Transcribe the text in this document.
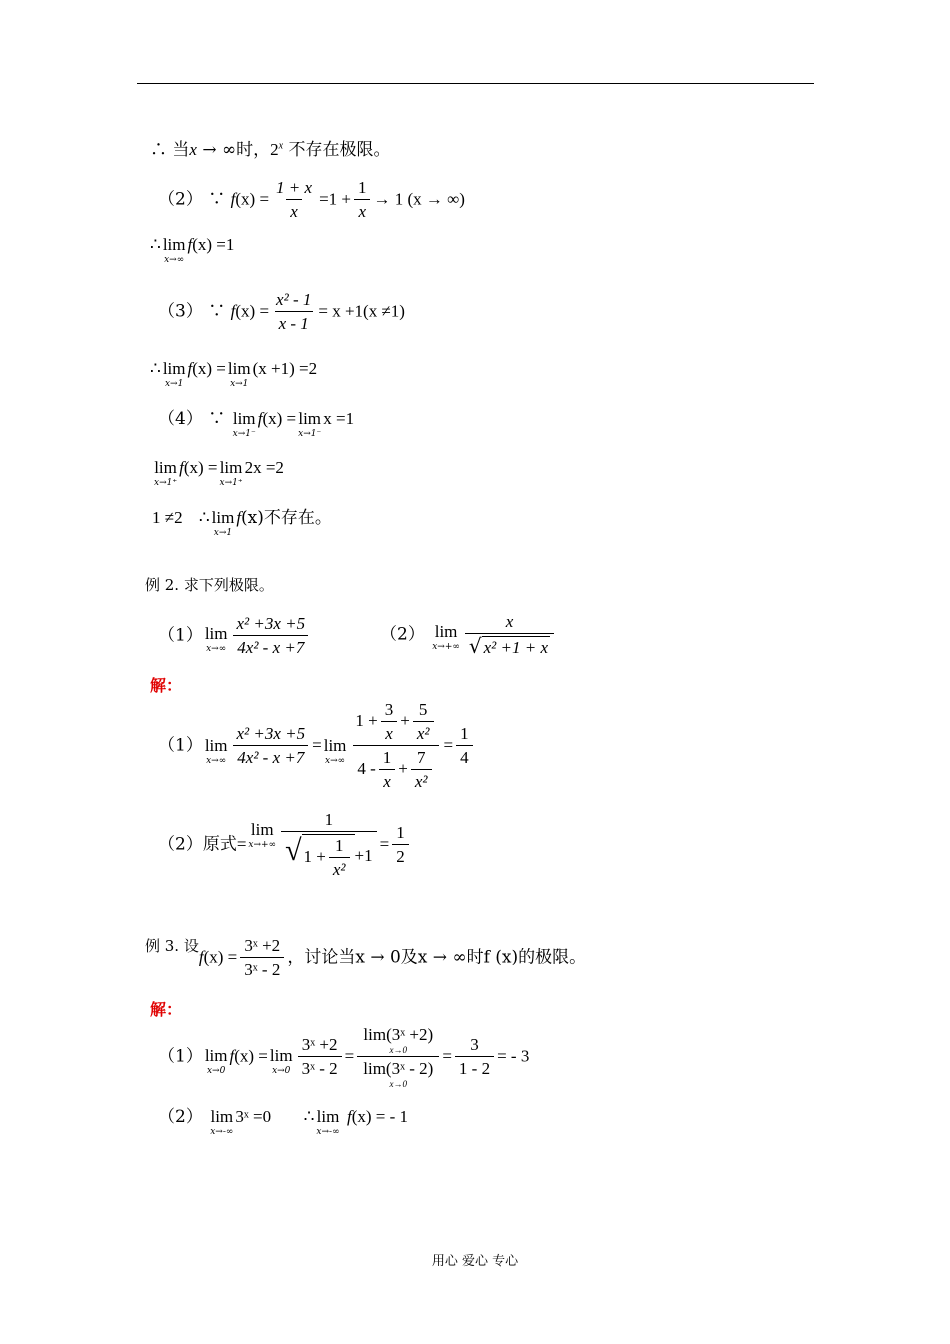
∴ 当x → ∞时，2$^x$ 不存在极限。
（2） ∵ $f(x) = \frac{1 + x}{x} =1 + \frac{1}{x} \to 1$ (x → ∞)
∴ lim
x→∞
f(x) =1
（3） ∵ $f(x) = \frac{\text{x² - 1}}{x - 1} = x +1(x \ne 1)$
∴ lim
x→1
f(x) = lim
x→1
(x +1) =2
（4） ∵ lim
x→1⁻
f(x) = lim
x→1⁻
x =1
lim
x→1⁺
f(x) = lim
x→1⁺
2x =2
1 ≠2 ∴ lim
x→1
f(x)不存在。
例 2. 求下列极限。
（1） lim
$x\to\infty \frac{\text{x² +3x +5}}{\text{4x² - x +7}}$	（2） lim
$x\to+\infty \frac{x}{\text{√ x² +1 + x}}$
解：
（1） lim
$x\to\infty \frac{\text{x² +3x +5}}{\text{4x² - x +7}} = \lim$
$x\to\infty \frac{1 + \frac{3}{x} + \frac{5}{\text{x²}}}{4 - \frac{1}{x} + \frac{7}{\text{x²}}} = \frac{1}{4}$
（2）原式=
lim
$x\to+\infty \frac{1}{√ 1 + \frac{1}{\text{x²}} +1} = \frac{1}{2}$
例 3. 设$f(x) = \frac{\text{3ˣ +2}}{\text{3ˣ - 2}}$ ，讨论当x → 0及x → ∞时f (x)的极限。
解：
（1） lim
x→0
f(x) = lim
$x\to 0 \frac{\text{3ˣ +2}}{\text{3ˣ - 2}}$ = lim(3ˣ +2)
x→0
lim(3ˣ - 2)
$x\to 0 = \frac{3}{1 - 2}$ = - 3
（2） lim
x→-∞
3ˣ =0 ∴ lim
x→-∞
f(x) = - 1
用心 爱心 专心
